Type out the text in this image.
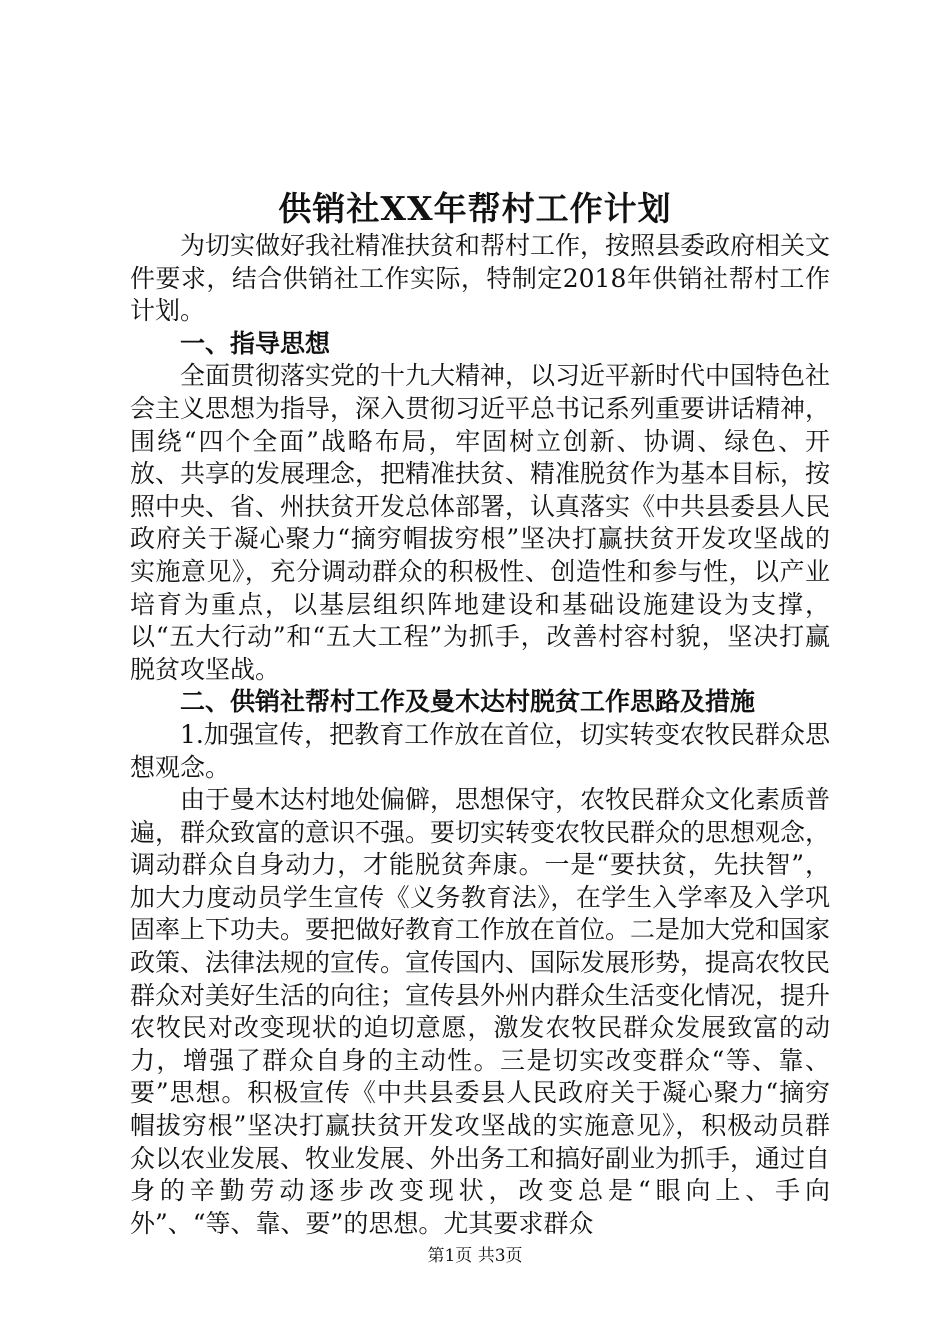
供销社XX年帮村工作计划

为切实做好我社精准扶贫和帮村工作，按照县委政府相关文件要求，结合供销社工作实际，特制定2018年供销社帮村工作计划。

一、指导思想

全面贯彻落实党的十九大精神，以习近平新时代中国特色社会主义思想为指导，深入贯彻习近平总书记系列重要讲话精神，围绕“四个全面”战略布局，牢固树立创新、协调、绿色、开放、共享的发展理念，把精准扶贫、精准脱贫作为基本目标，按照中央、省、州扶贫开发总体部署，认真落实《中共县委县人民政府关于凝心聚力“摘穷帽拔穷根”坚决打赢扶贫开发攻坚战的实施意见》，充分调动群众的积极性、创造性和参与性，以产业培育为重点，以基层组织阵地建设和基础设施建设为支撑，以“五大行动”和“五大工程”为抓手，改善村容村貌，坚决打赢脱贫攻坚战。

二、供销社帮村工作及曼木达村脱贫工作思路及措施

1.加强宣传，把教育工作放在首位，切实转变农牧民群众思想观念。

由于曼木达村地处偏僻，思想保守，农牧民群众文化素质普遍，群众致富的意识不强。要切实转变农牧民群众的思想观念，调动群众自身动力，才能脱贫奔康。一是“要扶贫，先扶智”，加大力度动员学生宣传《义务教育法》，在学生入学率及入学巩固率上下功夫。要把做好教育工作放在首位。二是加大党和国家政策、法律法规的宣传。宣传国内、国际发展形势，提高农牧民群众对美好生活的向往；宣传县外州内群众生活变化情况，提升农牧民对改变现状的迫切意愿，激发农牧民群众发展致富的动力，增强了群众自身的主动性。三是切实改变群众“等、靠、要”思想。积极宣传《中共县委县人民政府关于凝心聚力“摘穷帽拔穷根”坚决打赢扶贫开发攻坚战的实施意见》，积极动员群众以农业发展、牧业发展、外出务工和搞好副业为抓手，通过自身的辛勤劳动逐步改变现状，改变总是“眼向上、手向外”、“等、靠、要”的思想。尤其要求群众

第1页 共3页
